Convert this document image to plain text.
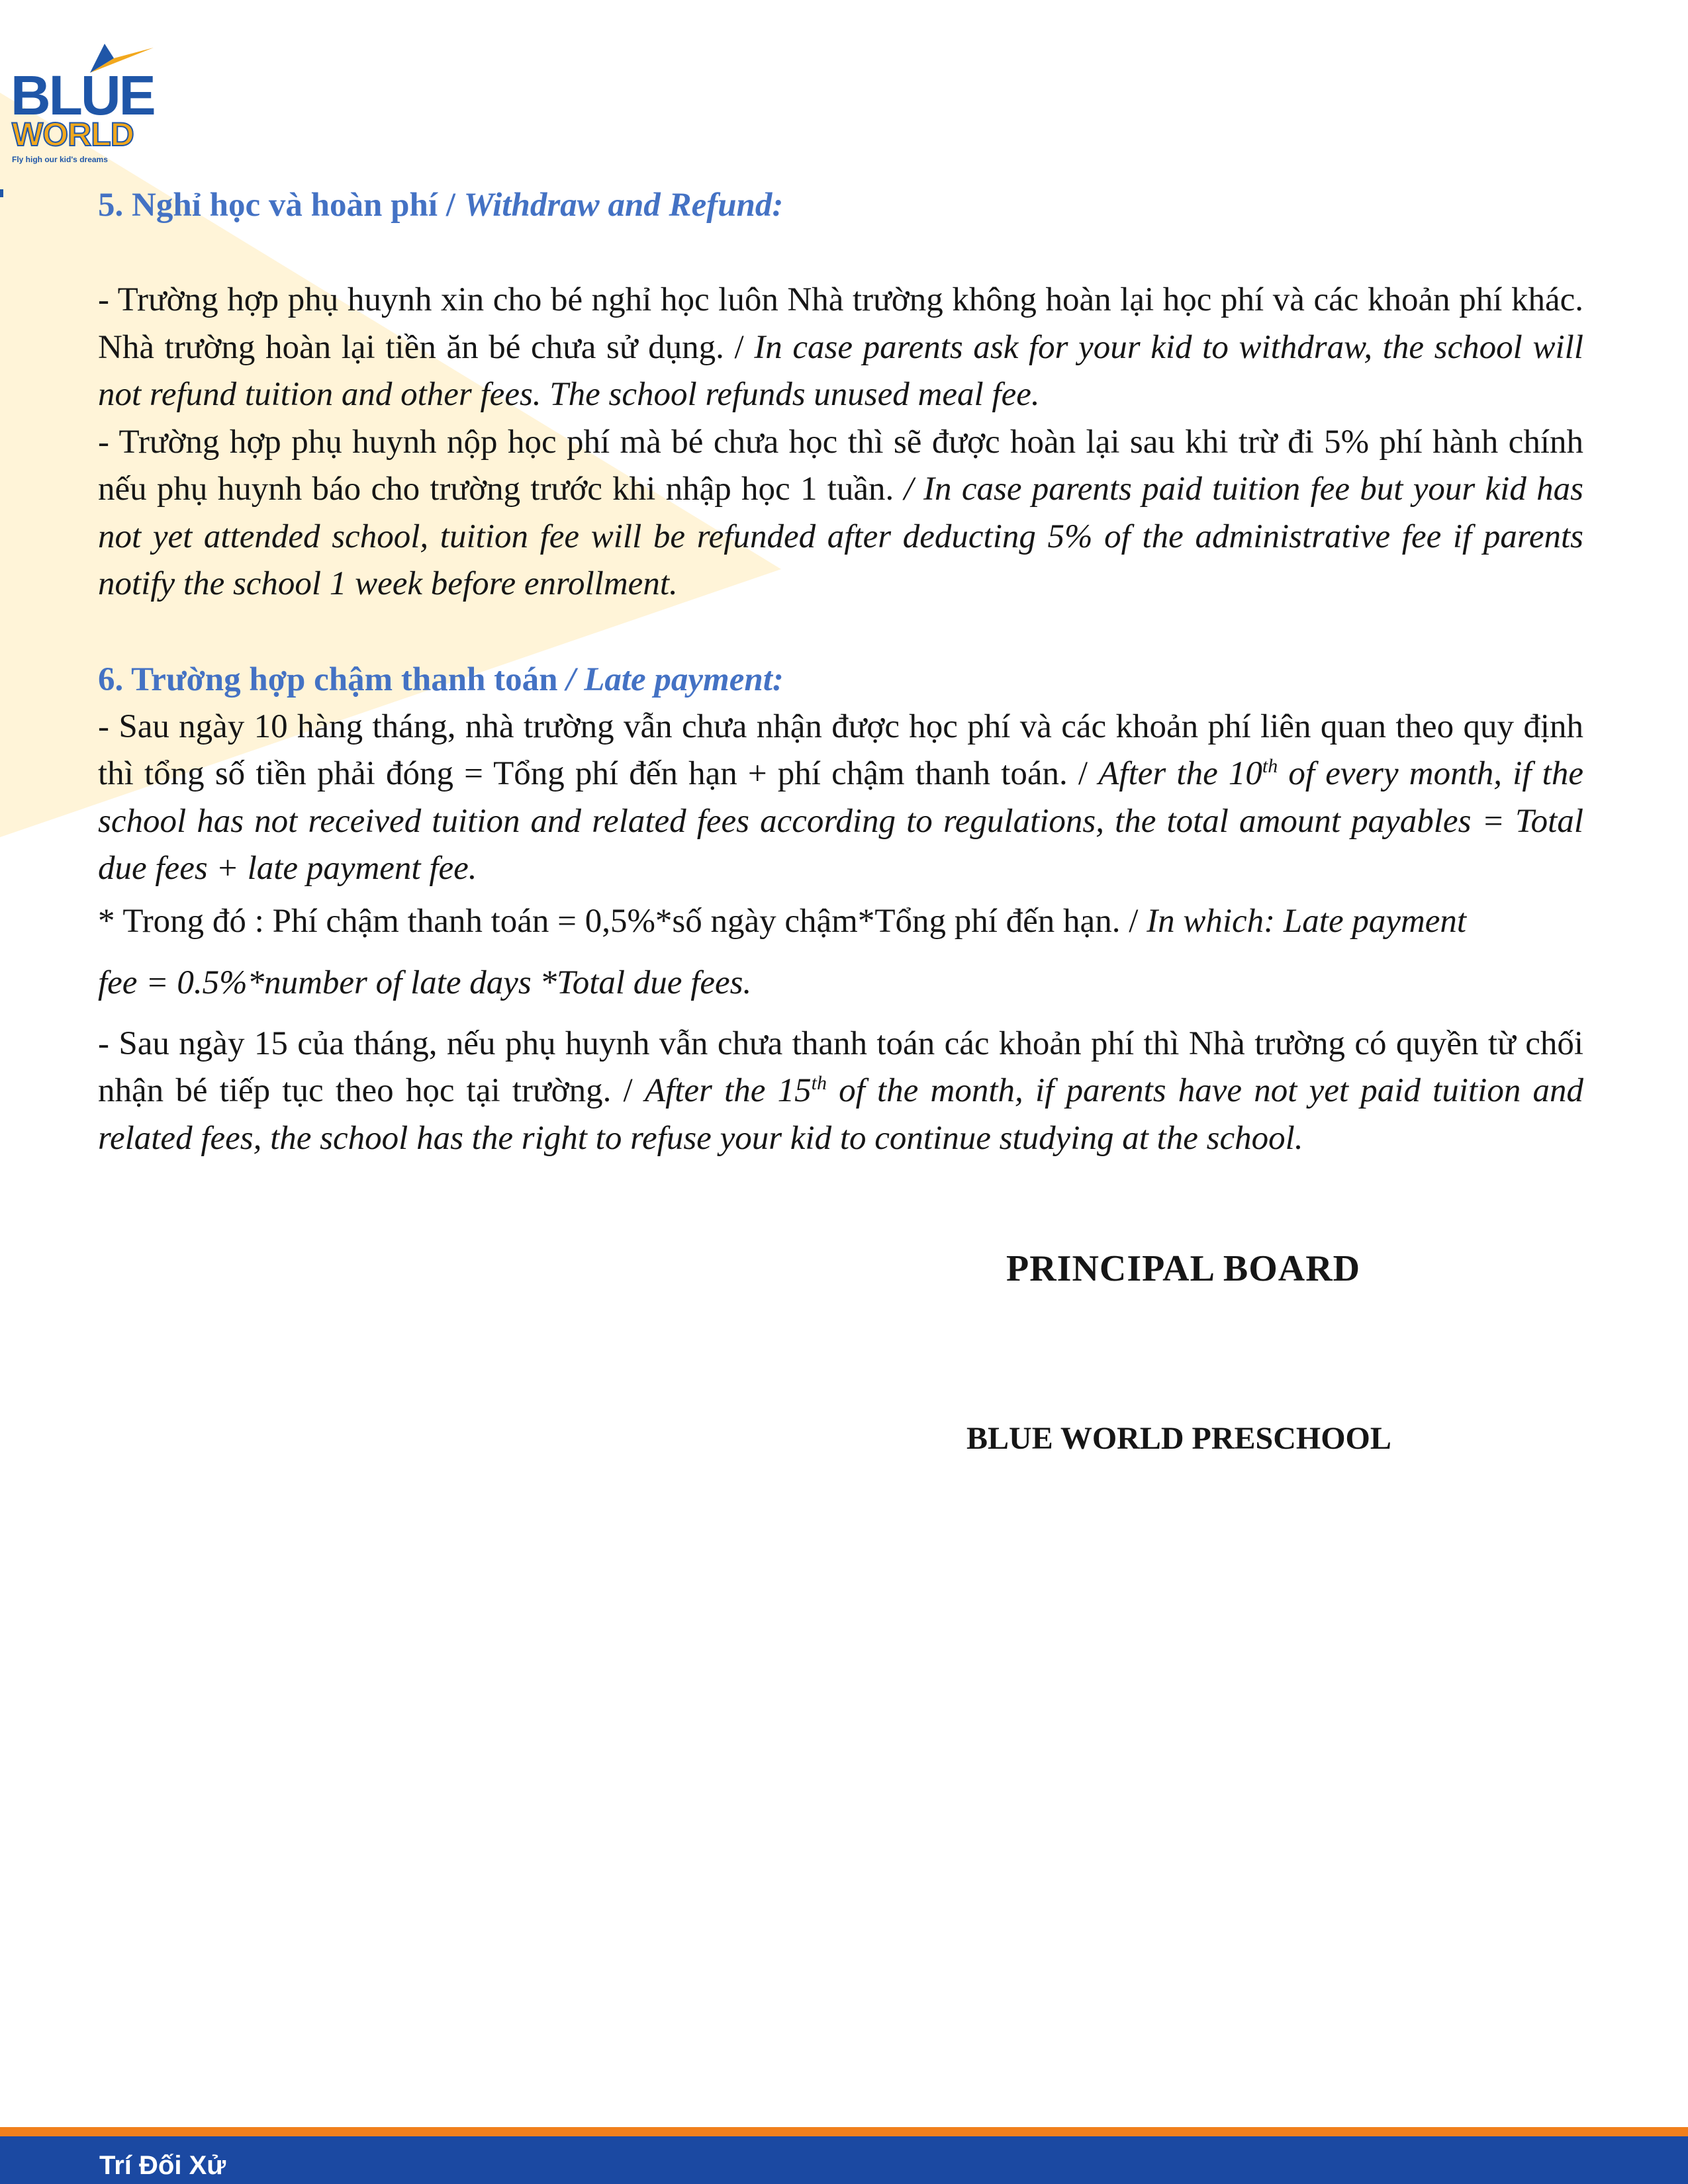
BLUE
WORLD
Fly high our kid's dreams

5. Nghỉ học và hoàn phí / Withdraw and Refund:

- Trường hợp phụ huynh xin cho bé nghỉ học luôn Nhà trường không hoàn lại học phí và các khoản phí khác. Nhà trường hoàn lại tiền ăn bé chưa sử dụng. / In case parents ask for your kid to withdraw, the school will not refund tuition and other fees. The school refunds unused meal fee.

- Trường hợp phụ huynh nộp học phí mà bé chưa học thì sẽ được hoàn lại sau khi trừ đi 5% phí hành chính nếu phụ huynh báo cho trường trước khi nhập học 1 tuần. / In case parents paid tuition fee but your kid has not yet attended school, tuition fee will be refunded after deducting 5% of the administrative fee if parents notify the school 1 week before enrollment.

6. Trường hợp chậm thanh toán / Late payment:

- Sau ngày 10 hàng tháng, nhà trường vẫn chưa nhận được học phí và các khoản phí liên quan theo quy định thì tổng số tiền phải đóng = Tổng phí đến hạn + phí chậm thanh toán. / After the 10th of every month, if the school has not received tuition and related fees according to regulations, the total amount payables = Total due fees + late payment fee.

* Trong đó : Phí chậm thanh toán = 0,5%*số ngày chậm*Tổng phí đến hạn. / In which: Late payment
fee = 0.5%*number of late days *Total due fees.

- Sau ngày 15 của tháng, nếu phụ huynh vẫn chưa thanh toán các khoản phí thì Nhà trường có quyền từ chối nhận bé tiếp tục theo học tại trường. / After the 15th of the month, if parents have not yet paid tuition and related fees, the school has the right to refuse your kid to continue studying at the school.

PRINCIPAL BOARD
BLUE WORLD PRESCHOOL
Trí Đối Xử
